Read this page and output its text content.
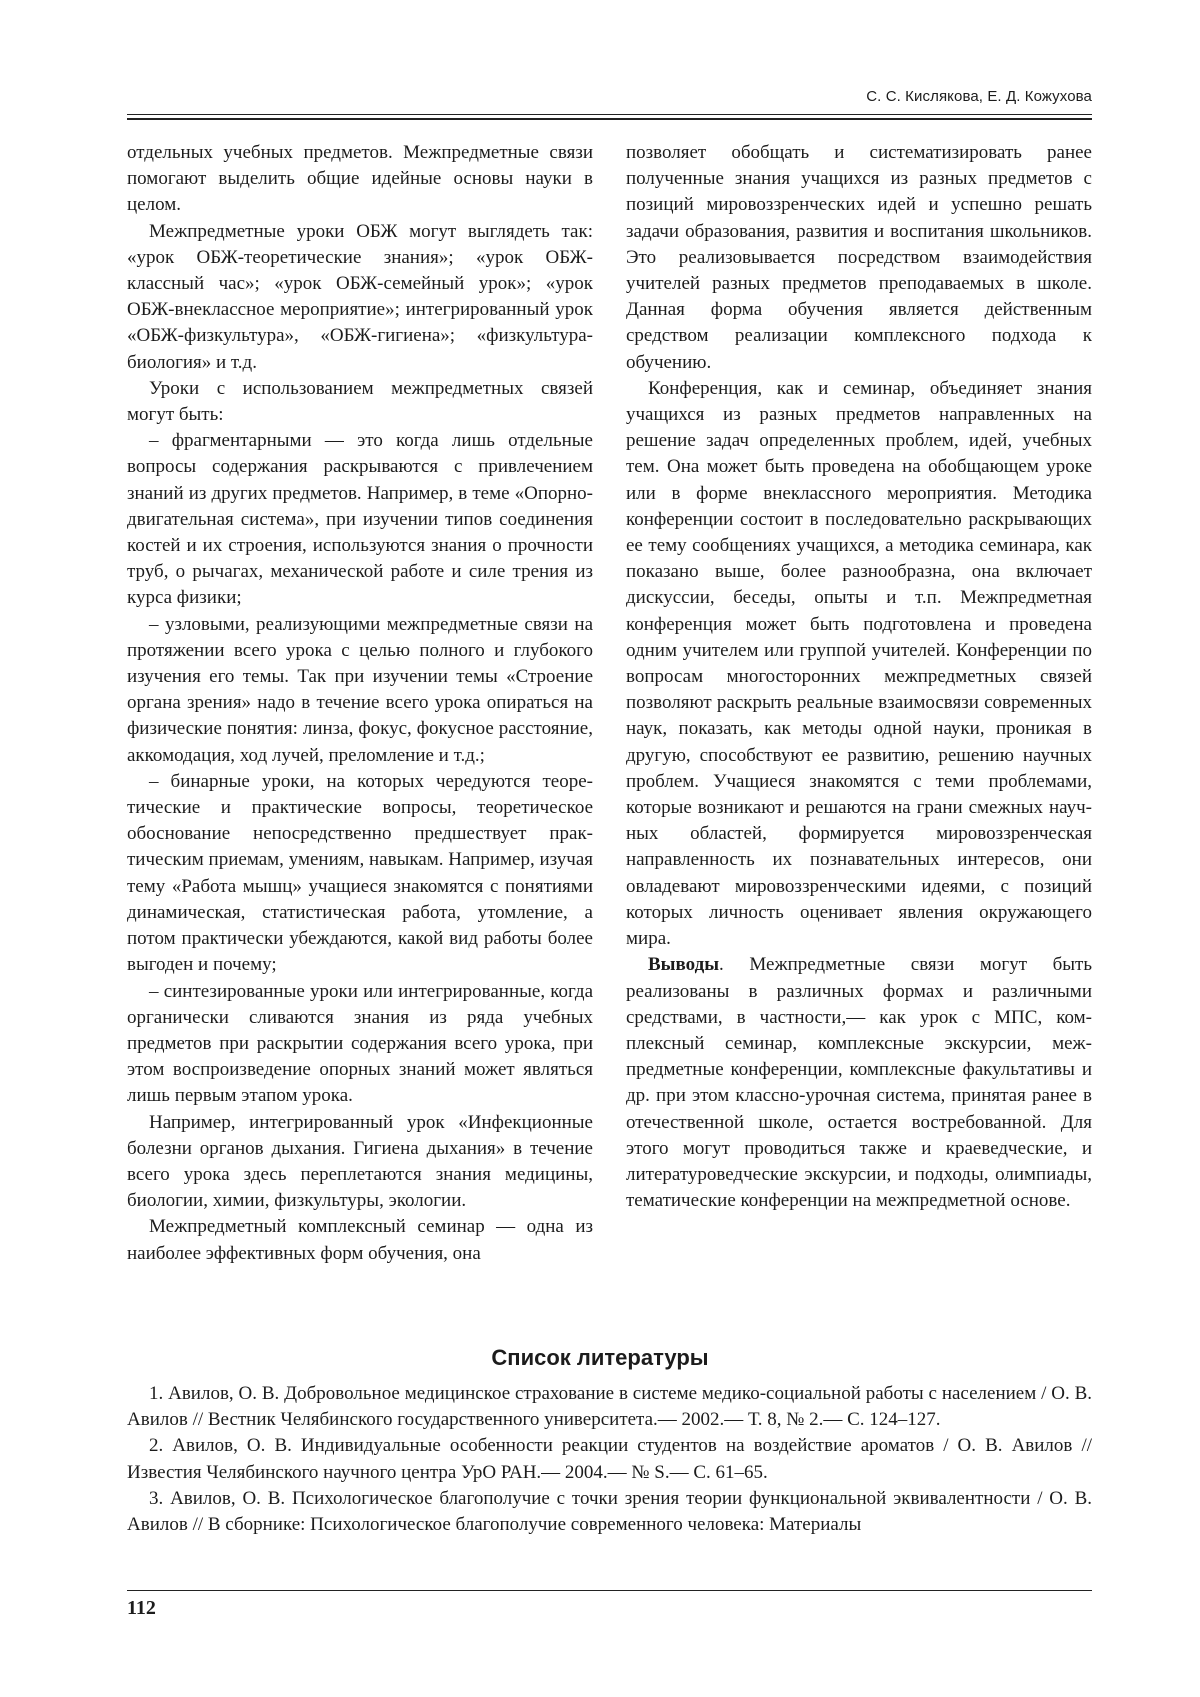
С. С. Кислякова, Е. Д. Кожухова

отдельных учебных предметов. Межпредметные связи помогают выделить общие идейные основы науки в целом.

Межпредметные уроки ОБЖ могут выглядеть так: «урок ОБЖ-теоретические знания»; «урок ОБЖ-классный час»; «урок ОБЖ-семейный урок»; «урок ОБЖ-внеклассное мероприятие»; интегрированный урок «ОБЖ-физкультура», «ОБЖ-гигиена»; «физкультура-биология» и т.д.

Уроки с использованием межпредметных связей могут быть:

– фрагментарными — это когда лишь отдельные вопросы содержания раскрываются с привлечением знаний из других предметов. Например, в теме «Опорно-двигательная система», при изучении типов соединения костей и их строения, используются знания о прочности труб, о рычагах, механической работе и силе трения из курса физики;

– узловыми, реализующими межпредметные связи на протяжении всего урока с целью полного и глубокого изучения его темы. Так при изучении темы «Строение органа зрения» надо в течение всего урока опираться на физические понятия: линза, фокус, фокусное расстояние, аккомодация, ход лучей, преломление и т.д.;

– бинарные уроки, на которых чередуются теоретические и практические вопросы, теоретическое обоснование непосредственно предшествует практическим приемам, умениям, навыкам. Например, изучая тему «Работа мышц» учащиеся знакомятся с понятиями динамическая, статистическая работа, утомление, а потом практически убеждаются, какой вид работы более выгоден и почему;

– синтезированные уроки или интегрированные, когда органически сливаются знания из ряда учебных предметов при раскрытии содержания всего урока, при этом воспроизведение опорных знаний может являться лишь первым этапом урока.

Например, интегрированный урок «Инфекционные болезни органов дыхания. Гигиена дыхания» в течение всего урока здесь переплетаются знания медицины, биологии, химии, физкультуры, экологии.

Межпредметный комплексный семинар — одна из наиболее эффективных форм обучения, она

позволяет обобщать и систематизировать ранее полученные знания учащихся из разных предметов с позиций мировоззренческих идей и успешно решать задачи образования, развития и воспитания школьников. Это реализовывается посредством взаимодействия учителей разных предметов преподаваемых в школе. Данная форма обучения является действенным средством реализации комплексного подхода к обучению.

Конференция, как и семинар, объединяет знания учащихся из разных предметов направленных на решение задач определенных проблем, идей, учебных тем. Она может быть проведена на обобщающем уроке или в форме внеклассного мероприятия. Методика конференции состоит в последовательно раскрывающих ее тему сообщениях учащихся, а методика семинара, как показано выше, более разнообразна, она включает дискуссии, беседы, опыты и т.п. Межпредметная конференция может быть подготовлена и проведена одним учителем или группой учителей. Конференции по вопросам многосторонних межпредметных связей позволяют раскрыть реальные взаимосвязи современных наук, показать, как методы одной науки, проникая в другую, способствуют ее развитию, решению научных проблем. Учащиеся знакомятся с теми проблемами, которые возникают и решаются на грани смежных научных областей, формируется мировоззренческая направленность их познавательных интересов, они овладевают мировоззренческими идеями, с позиций которых личность оценивает явления окружающего мира.

Выводы. Межпредметные связи могут быть реализованы в различных формах и различными средствами, в частности,— как урок с МПС, комплексный семинар, комплексные экскурсии, межпредметные конференции, комплексные факультативы и др. при этом классно-урочная система, принятая ранее в отечественной школе, остается востребованной. Для этого могут проводиться также и краеведческие, и литературоведческие экскурсии, и подходы, олимпиады, тематические конференции на межпредметной основе.

Список литературы

1. Авилов, О. В. Добровольное медицинское страхование в системе медико-социальной работы с населением / О. В. Авилов // Вестник Челябинского государственного университета.— 2002.— Т. 8, № 2.— С. 124–127.

2. Авилов, О. В. Индивидуальные особенности реакции студентов на воздействие ароматов / О. В. Авилов // Известия Челябинского научного центра УрО РАН.— 2004.— № S.— С. 61–65.

3. Авилов, О. В. Психологическое благополучие с точки зрения теории функциональной эквивалентности / О. В. Авилов // В сборнике: Психологическое благополучие современного человека: Материалы

112
